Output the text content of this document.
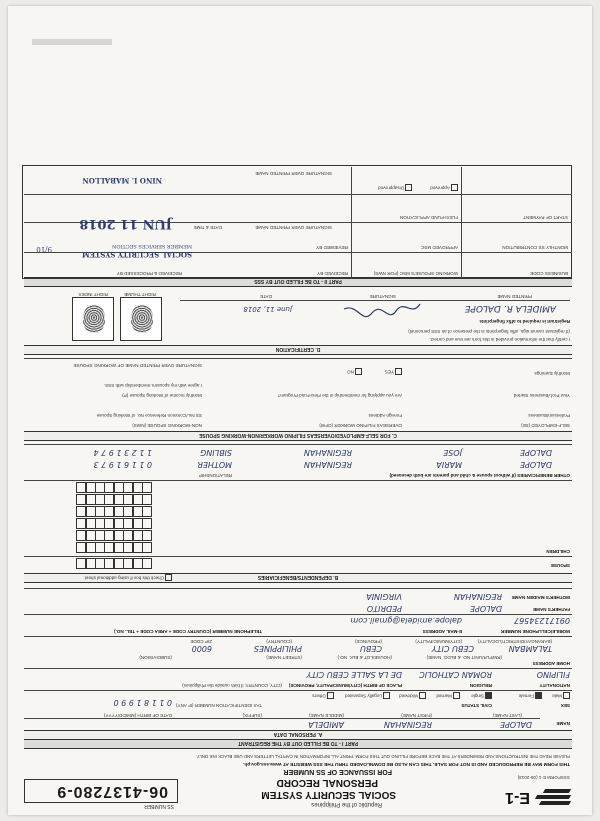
E-1
Republic of the Philippines
SOCIAL SECURITY SYSTEM
PERSONAL RECORD
FOR ISSUANCE OF SS NUMBER
SS NUMBER
06-4137280-9
SSSFORM E-1 (05-2013)
THIS FORM MAY BE REPRODUCED AND IS NOT FOR SALE. THIS CAN ALSO BE DOWNLOADED THRU THE SSS WEBSITE AT www.sss.gov.ph.
PLEASE READ THE INSTRUCTIONS AND REMINDERS AT THE BACK BEFORE FILLING OUT THIS FORM. PRINT ALL INFORMATION IN CAPITAL LETTERS AND USE BLACK INK ONLY.
PART I - TO BE FILLED OUT BY THE REGISTRANT
A. PERSONAL DATA
NAME
DALOPE
REGINAHAN
AMIDELA
(LAST NAME)
(FIRST NAME)
(MIDDLE NAME)
(SUFFIX)
DATE OF BIRTH (MM/DD/YYYY)
0 1 1 8 1 9 9 0	SEX
Male
Female
CIVIL STATUS
Single
Married
Widowed
Legally Separated
Others
TAX IDENTIFICATION NUMBER (IF ANY)
NATIONALITY
FILIPINO
RELIGION
ROMAN CATHOLIC
PLACE OF BIRTH (CITY/MUNICIPALITY, PROVINCE)
(CITY, COUNTRY, if birth outside the Philippines)
DE LA SALLE CEBU CITY
HOME ADDRESS
(RM/FLR/UNIT NO. & BLDG. NAME)
(HOUSE/LOT & BLK. NO.)
(STREET NAME)
(SUBDIVISION)
TALAMBAN
CEBU CITY
CEBU
PHILIPPINES
6000
(BARANGAY/DISTRICT/LOCALITY)
(CITY/MUNICIPALITY)
(PROVINCE)
(COUNTRY)
ZIP CODE
MOBILE/CELLPHONE NUMBER
09171234567
E-MAIL ADDRESS
dalope.amidela@gmail.com
TELEPHONE NUMBER (COUNTRY CODE + AREA CODE + TEL. NO.)
FATHER'S NAME
DALOPE
PEDRITO
MOTHER'S MAIDEN NAME
REGINAHAN
VIRGINIA
B. DEPENDENTS/BENEFICIARIES
Check this box if using additional sheet
SPOUSE
CHILDREN
OTHER BENEFICIARIES (If without spouse & child and parents are both deceased)
RELATIONSHIP
DALOPE
MARIA
REGINAHAN
MOTHER
0 1 1 6 1 9 7 3
DALOPE
JOSE
REGINAHAN
SIBLING
1 1 2 3 1 9 7 4
C. FOR SELF-EMPLOYED/OVERSEAS FILIPINO WORKER/NON-WORKING SPOUSE
SELF-EMPLOYED (SE)
OVERSEAS FILIPINO WORKER (OFW)
NON-WORKING SPOUSE (NWS)
Profession/Business
Foreign Address
SS No./Common Reference No. of Working Spouse
Year Prof./Business Started
Are you applying for membership in the Flexi-Fund Program?
Monthly Income of Working Spouse (P)
I agree with my spouse's membership with SSS.
Monthly Earnings
YES
NO
SIGNATURE OVER PRINTED NAME OF WORKING SPOUSE
D. CERTIFICATION
I certify that the information provided in this form are true and correct.
(If registrant cannot sign, affix fingerprints in the presence of an SSS personnel)
Registrant is required to affix fingerprints
RIGHT THUMB
RIGHT INDEX
AMIDELA R. DALOPE
June 11, 2018
PRINTED NAME
SIGNATURE
DATE
PART II - TO BE FILLED OUT BY SSS
BUSINESS CODE
WORKING SPOUSE'S MSC (FOR NWS)
RECEIVED BY
RECEIVED & PROCESSED BY
MONTHLY SS CONTRIBUTION
APPROVED MSC
REVIEWED BY
START OF PAYMENT
FLEXI-FUND APPLICATION
Approved
Disapproved
SIGNATURE OVER PRINTED NAME
DATE & TIME
SIGNATURE OVER PRINTED NAME
SOCIAL SECURITY SYSTEM
MEMBER SERVICES SECTION
JUN 11 2018
9/10
NINO I. MABALLON
